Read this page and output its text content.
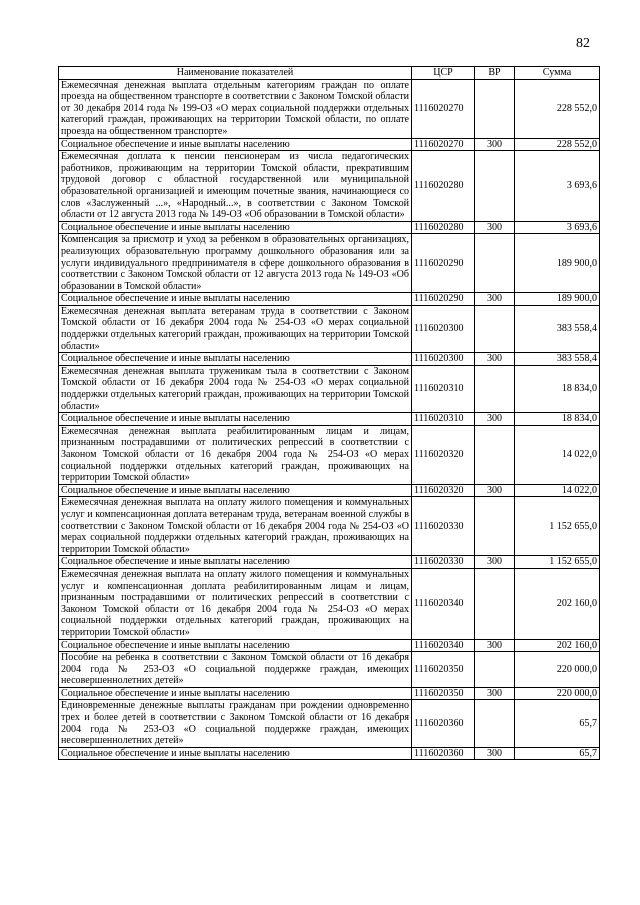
82
Наименование показателей	ЦСР	ВР	Сумма
Ежемесячная денежная выплата отдельным категориям граждан по оплате проезда на общественном транспорте в соответствии с Законом Томской области от 30 декабря 2014 года № 199-ОЗ «О мерах социальной поддержки отдельных категорий граждан, проживающих на территории Томской области, по оплате проезда на общественном транспорте»	1116020270		228 552,0
Социальное обеспечение и иные выплаты населению	1116020270	300	228 552,0
Ежемесячная доплата к пенсии пенсионерам из числа педагогических работников, проживающим на территории Томской области, прекратившим трудовой договор с областной государственной или муниципальной образовательной организацией и имеющим почетные звания, начинающиеся со слов «Заслуженный ...», «Народный...», в соответствии с Законом Томской области от 12 августа 2013 года № 149-ОЗ «Об образовании в Томской области»	1116020280		3 693,6
Социальное обеспечение и иные выплаты населению	1116020280	300	3 693,6
Компенсация за присмотр и уход за ребенком в образовательных организациях, реализующих образовательную программу дошкольного образования или за услуги индивидуального предпринимателя в сфере дошкольного образования в соответствии с Законом Томской области от 12 августа 2013 года № 149-ОЗ «Об образовании в Томской области»	1116020290		189 900,0
Социальное обеспечение и иные выплаты населению	1116020290	300	189 900,0
Ежемесячная денежная выплата ветеранам труда в соответствии с Законом Томской области от 16 декабря 2004 года № 254-ОЗ «О мерах социальной поддержки отдельных категорий граждан, проживающих на территории Томской области»	1116020300		383 558,4
Социальное обеспечение и иные выплаты населению	1116020300	300	383 558,4
Ежемесячная денежная выплата труженикам тыла в соответствии с Законом Томской области от 16 декабря 2004 года № 254-ОЗ «О мерах социальной поддержки отдельных категорий граждан, проживающих на территории Томской области»	1116020310		18 834,0
Социальное обеспечение и иные выплаты населению	1116020310	300	18 834,0
Ежемесячная денежная выплата реабилитированным лицам и лицам, признанным пострадавшими от политических репрессий в соответствии с Законом Томской области от 16 декабря 2004 года № 254-ОЗ «О мерах социальной поддержки отдельных категорий граждан, проживающих на территории Томской области»	1116020320		14 022,0
Социальное обеспечение и иные выплаты населению	1116020320	300	14 022,0
Ежемесячная денежная выплата на оплату жилого помещения и коммунальных услуг и компенсационная доплата ветеранам труда, ветеранам военной службы в соответствии с Законом Томской области от 16 декабря 2004 года № 254-ОЗ «О мерах социальной поддержки отдельных категорий граждан, проживающих на территории Томской области»	1116020330		1 152 655,0
Социальное обеспечение и иные выплаты населению	1116020330	300	1 152 655,0
Ежемесячная денежная выплата на оплату жилого помещения и коммунальных услуг и компенсационная доплата реабилитированным лицам и лицам, признанным пострадавшими от политических репрессий в соответствии с Законом Томской области от 16 декабря 2004 года № 254-ОЗ «О мерах социальной поддержки отдельных категорий граждан, проживающих на территории Томской области»	1116020340		202 160,0
Социальное обеспечение и иные выплаты населению	1116020340	300	202 160,0
Пособие на ребенка в соответствии с Законом Томской области от 16 декабря 2004 года № 253-ОЗ «О социальной поддержке граждан, имеющих несовершеннолетних детей»	1116020350		220 000,0
Социальное обеспечение и иные выплаты населению	1116020350	300	220 000,0
Единовременные денежные выплаты гражданам при рождении одновременно трех и более детей в соответствии с Законом Томской области от 16 декабря 2004 года № 253-ОЗ «О социальной поддержке граждан, имеющих несовершеннолетних детей»	1116020360		65,7
Социальное обеспечение и иные выплаты населению	1116020360	300	65,7
